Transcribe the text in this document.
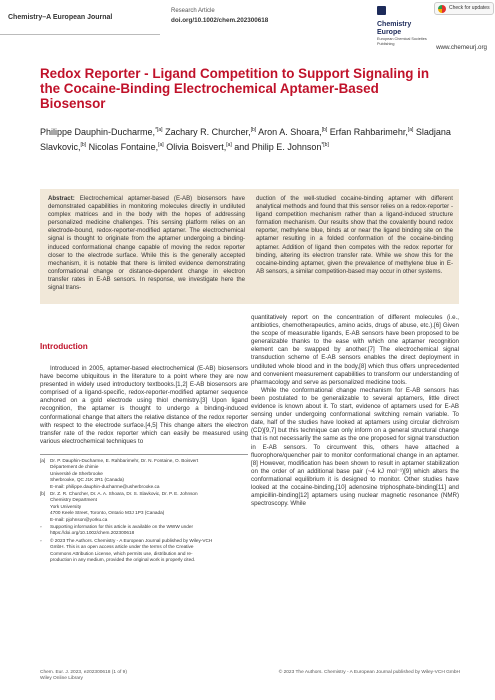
Chemistry–A European Journal
Research Article
doi.org/10.1002/chem.202300618
Chemistry Europe
European Chemical Societies Publishing
Check for updates
www.chemeurj.org
Redox Reporter - Ligand Competition to Support Signaling in the Cocaine-Binding Electrochemical Aptamer-Based Biosensor
Philippe Dauphin-Ducharme,$^{*[a]}$ Zachary R. Churcher,[b] Aron A. Shoara,[b] Erfan Rahbarimehr,[a] Sladjana Slavkovic,[b] Nicolas Fontaine,[a] Olivia Boisvert,[a] and Philip E. Johnson$^{*[b]}$
Abstract: Electrochemical aptamer-based (E-AB) biosensors have demonstrated capabilities in monitoring molecules directly in undiluted complex matrices and in the body with the hopes of addressing personalized medicine challenges. This sensing platform relies on an electrode-bound, redox-reporter-modified aptamer. The electrochemical signal is thought to originate from the aptamer undergoing a binding-induced conformational change capable of moving the redox reporter closer to the electrode surface. While this is the generally accepted mechanism, it is notable that there is limited evidence demonstrating conformational change or distance-dependent change in electron transfer rates in E-AB sensors. In response, we investigate here the signal trans-
duction of the well-studied cocaine-binding aptamer with different analytical methods and found that this sensor relies on a redox-reporter - ligand competition mechanism rather than a ligand-induced structure formation mechanism. Our results show that the covalently bound redox reporter, methylene blue, binds at or near the ligand binding site on the aptamer resulting in a folded conformation of the cocaine-binding aptamer. Addition of ligand then competes with the redox reporter for binding, altering its electron transfer rate. While we show this for the cocaine-binding aptamer, given the prevalence of methylene blue in E-AB sensors, a similar competition-based may occur in other systems.
Introduction

Introduced in 2005, aptamer-based electrochemical (E-AB) biosensors have become ubiquitous in the literature to a point where they are now presented in widely used introductory textbooks.[1,2] E-AB biosensors are comprised of a ligand-specific, redox-reporter-modified aptamer sequence anchored on a gold electrode using thiol chemistry.[3] Upon ligand recognition, the aptamer is thought to undergo a binding-induced conformational change that alters the relative distance of the redox reporter with respect to the electrode surface.[4,5] This change alters the electron transfer rate of the redox reporter which can easily be measured using various electrochemical techniques to

quantitatively report on the concentration of different molecules (i.e., antibiotics, chemotherapeutics, amino acids, drugs of abuse, etc.).[6] Given the scope of measurable ligands, E-AB sensors have been proposed to be generalizable thanks to the ease with which one aptamer recognition element can be swapped by another.[7] The electrochemical signal transduction scheme of E-AB sensors enables the direct deployment in undiluted whole blood and in the body,[8] which thus offers unprecedented and convenient measurement capabilities to transform our understanding of pharmacology and serve as personalized medicine tools.

While the conformational change mechanism for E-AB sensors has been postulated to be generalizable to several aptamers, little direct evidence is known about it. To start, evidence of aptamers used for E-AB sensing under undergoing conformational switching remain variable. To date, half of the studies have looked at aptamers using circular dichroism (CD)[9,7] but this technique can only inform on a general structural change that is not necessarily the same as the one proposed for signal transduction in E-AB sensors. To circumvent this, others have attached a fluorophore/quencher pair to monitor conformational change in an aptamer.[8] However, modification has been shown to result in aptamer stabilization on the order of an additional base pair (~4 kJ mol⁻¹)[9] which alters the conformational equilibrium it is designed to monitor. Other studies have looked at the cocaine-binding,[10] adenosine triphosphate-binding[11] and ampicillin-binding[12] aptamers using nuclear magnetic resonance (NMR) spectroscopy. While

[a]	Dr. P. Dauphin-Ducharme, E. Rahbarimehr, Dr. N. Fontaine, O. Boisvert
Département de chimie
Université de Sherbrooke
Sherbrooke, QC J1K 2R1 (Canada)
E-mail: philippe.dauphin-ducharme@usherbrooke.ca
[b]	Dr. Z. R. Churcher, Dr. A. A. Shoara, Dr. S. Slavkovic, Dr. P. E. Johnson
Chemistry Department
York University
4700 Keele Street, Toronto, Ontario M3J 1P3 (Canada)
E-mail: pjohnson@yorku.ca
▫	Supporting information for this article is available on the WWW under
https://doi.org/10.1002/chem.202300618
▫	© 2023 The Authors. Chemistry - A European Journal published by Wiley-VCH
GmbH. This is an open access article under the terms of the Creative
Commons Attribution License, which permits use, distribution and re-
production in any medium, provided the original work is properly cited.
Chem. Eur. J. 2023, e202300618 (1 of 9)
Wiley Online Library
© 2023 The Authors. Chemistry - A European Journal published by Wiley-VCH GmbH
